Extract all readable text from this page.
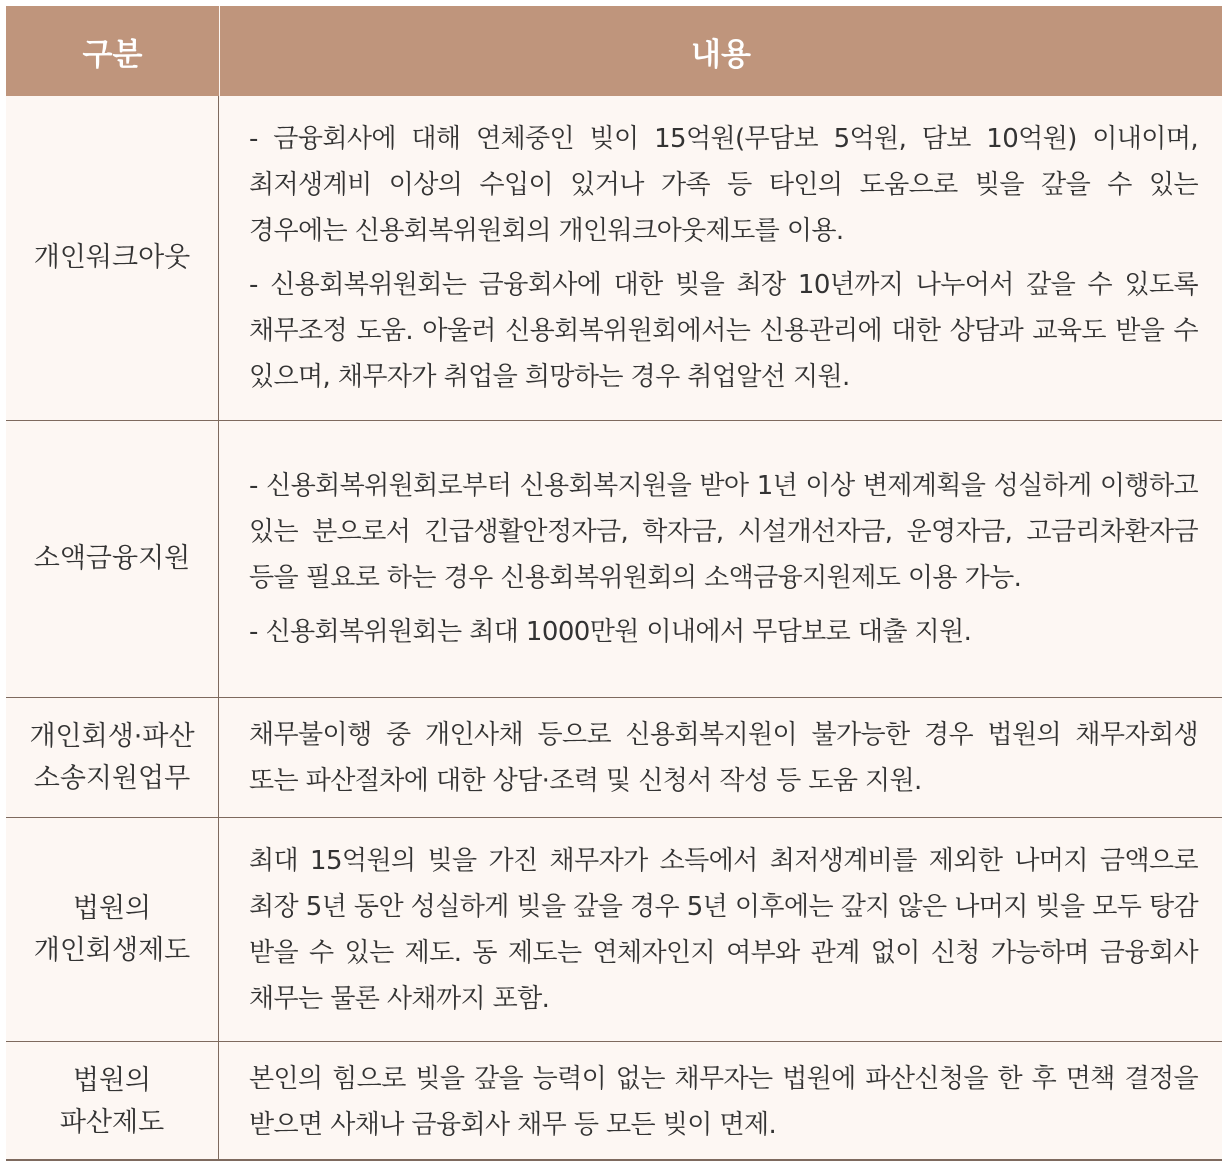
구분	내용
개인워크아웃
- 금융회사에 대해 연체중인 빚이 15억원(무담보 5억원, 담보 10억원) 이내이며, 최저생계비 이상의 수입이 있거나 가족 등 타인의 도움으로 빚을 갚을 수 있는 경우에는 신용회복위원회의 개인워크아웃제도를 이용.
- 신용회복위원회는 금융회사에 대한 빚을 최장 10년까지 나누어서 갚을 수 있도록 채무조정 도움. 아울러 신용회복위원회에서는 신용관리에 대한 상담과 교육도 받을 수 있으며, 채무자가 취업을 희망하는 경우 취업알선 지원.
소액금융지원
- 신용회복위원회로부터 신용회복지원을 받아 1년 이상 변제계획을 성실하게 이행하고 있는 분으로서 긴급생활안정자금, 학자금, 시설개선자금, 운영자금, 고금리차환자금 등을 필요로 하는 경우 신용회복위원회의 소액금융지원제도 이용 가능.
- 신용회복위원회는 최대 1000만원 이내에서 무담보로 대출 지원.
개인회생·파산
소송지원업무
채무불이행 중 개인사채 등으로 신용회복지원이 불가능한 경우 법원의 채무자회생 또는 파산절차에 대한 상담·조력 및 신청서 작성 등 도움 지원.
법원의
개인회생제도
최대 15억원의 빚을 가진 채무자가 소득에서 최저생계비를 제외한 나머지 금액으로 최장 5년 동안 성실하게 빚을 갚을 경우 5년 이후에는 갚지 않은 나머지 빚을 모두 탕감 받을 수 있는 제도. 동 제도는 연체자인지 여부와 관계 없이 신청 가능하며 금융회사 채무는 물론 사채까지 포함.
법원의
파산제도
본인의 힘으로 빚을 갚을 능력이 없는 채무자는 법원에 파산신청을 한 후 면책 결정을 받으면 사채나 금융회사 채무 등 모든 빚이 면제.
